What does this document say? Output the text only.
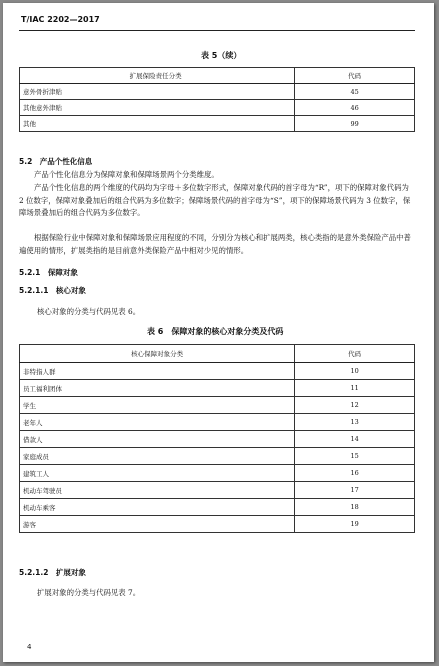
T/IAC 2202—2017
表 5（续）
扩展保险责任分类	代码
意外骨折津贴	45
其他意外津贴	46
其他	99
5.2　产品个性化信息
产品个性化信息分为保障对象和保障场景两个分类维度。
产品个性化信息的两个维度的代码均为字母＋多位数字形式，保障对象代码的首字母为“R”，项下的保障对象代码为 2 位数字，保障对象叠加后的组合代码为多位数字；保障场景代码的首字母为“S”，项下的保障场景代码为 3 位数字，保障场景叠加后的组合代码为多位数字。
根据保险行业中保障对象和保障场景应用程度的不同，分别分为核心和扩展两类，核心类指的是意外类保险产品中普遍使用的情形，扩展类指的是目前意外类保险产品中相对少见的情形。
5.2.1　保障对象
5.2.1.1　核心对象
核心对象的分类与代码见表 6。
表 6　保障对象的核心对象分类及代码
核心保障对象分类	代码
非特指人群	10
员工福利团体	11
学生	12
老年人	13
借款人	14
家庭成员	15
建筑工人	16
机动车驾驶员	17
机动车乘客	18
游客	19
5.2.1.2　扩展对象
扩展对象的分类与代码见表 7。
4
